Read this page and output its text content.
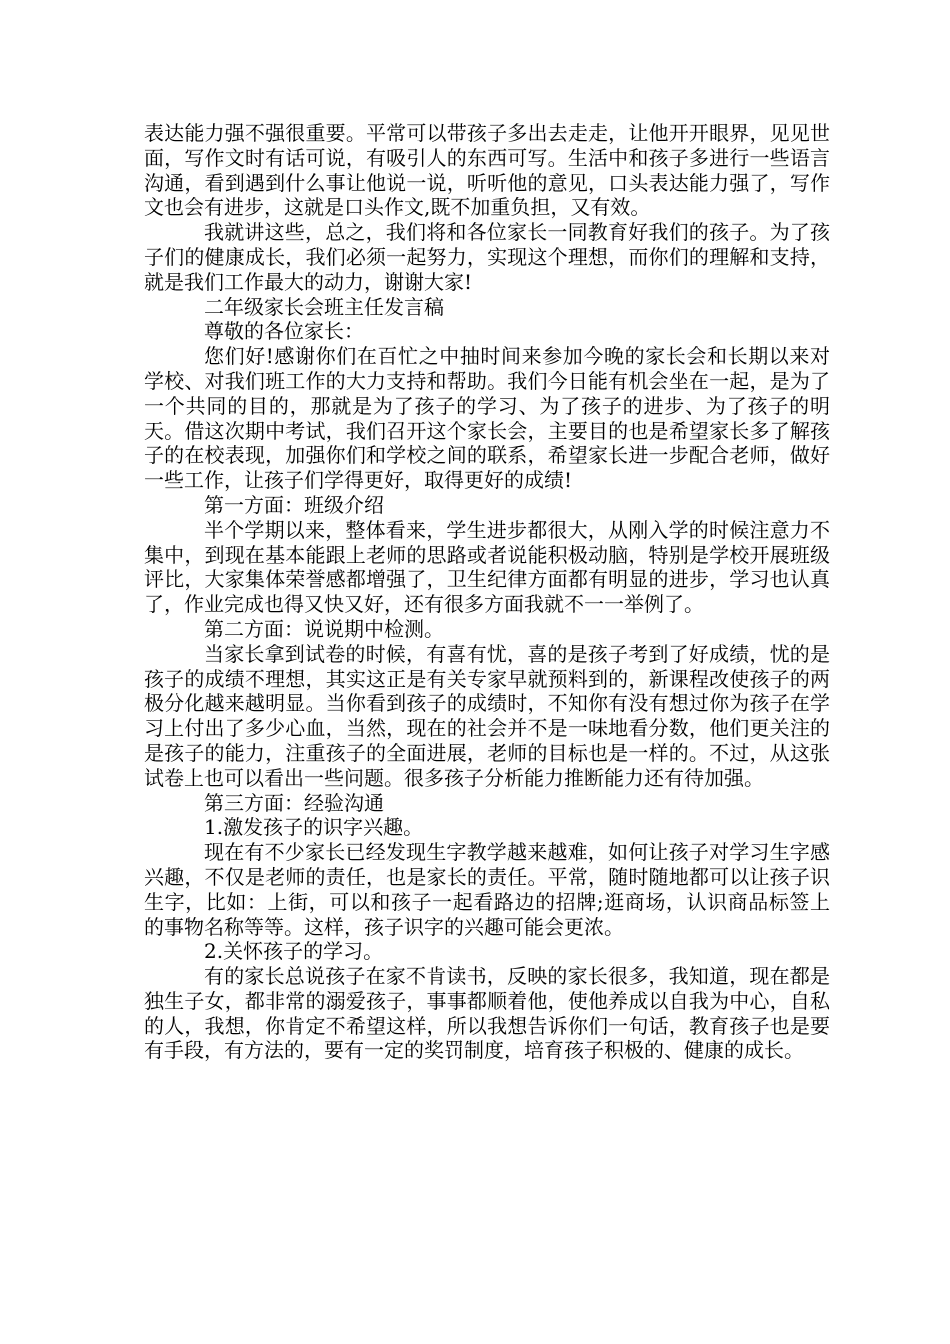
表达能力强不强很重要。平常可以带孩子多出去走走，让他开开眼界，见见世面，写作文时有话可说，有吸引人的东西可写。生活中和孩子多进行一些语言沟通，看到遇到什么事让他说一说，听听他的意见，口头表达能力强了，写作文也会有进步，这就是口头作文,既不加重负担，又有效。

我就讲这些，总之，我们将和各位家长一同教育好我们的孩子。为了孩子们的健康成长，我们必须一起努力，实现这个理想，而你们的理解和支持，就是我们工作最大的动力，谢谢大家!

二年级家长会班主任发言稿

尊敬的各位家长：

您们好!感谢你们在百忙之中抽时间来参加今晚的家长会和长期以来对学校、对我们班工作的大力支持和帮助。我们今日能有机会坐在一起，是为了一个共同的目的，那就是为了孩子的学习、为了孩子的进步、为了孩子的明天。借这次期中考试，我们召开这个家长会，主要目的也是希望家长多了解孩子的在校表现，加强你们和学校之间的联系，希望家长进一步配合老师，做好一些工作，让孩子们学得更好，取得更好的成绩!

第一方面：班级介绍

半个学期以来，整体看来，学生进步都很大，从刚入学的时候注意力不集中，到现在基本能跟上老师的思路或者说能积极动脑，特别是学校开展班级评比，大家集体荣誉感都增强了，卫生纪律方面都有明显的进步，学习也认真了，作业完成也得又快又好，还有很多方面我就不一一举例了。

第二方面：说说期中检测。

当家长拿到试卷的时候，有喜有忧，喜的是孩子考到了好成绩，忧的是孩子的成绩不理想，其实这正是有关专家早就预料到的，新课程改使孩子的两极分化越来越明显。当你看到孩子的成绩时，不知你有没有想过你为孩子在学习上付出了多少心血，当然，现在的社会并不是一味地看分数，他们更关注的是孩子的能力，注重孩子的全面进展，老师的目标也是一样的。不过，从这张试卷上也可以看出一些问题。很多孩子分析能力推断能力还有待加强。

第三方面：经验沟通

1.激发孩子的识字兴趣。

现在有不少家长已经发现生字教学越来越难，如何让孩子对学习生字感兴趣，不仅是老师的责任，也是家长的责任。平常，随时随地都可以让孩子识生字，比如：上街，可以和孩子一起看路边的招牌;逛商场，认识商品标签上的事物名称等等。这样，孩子识字的兴趣可能会更浓。

2.关怀孩子的学习。

有的家长总说孩子在家不肯读书，反映的家长很多，我知道，现在都是独生子女，都非常的溺爱孩子，事事都顺着他，使他养成以自我为中心，自私的人，我想，你肯定不希望这样，所以我想告诉你们一句话，教育孩子也是要有手段，有方法的，要有一定的奖罚制度，培育孩子积极的、健康的成长。
